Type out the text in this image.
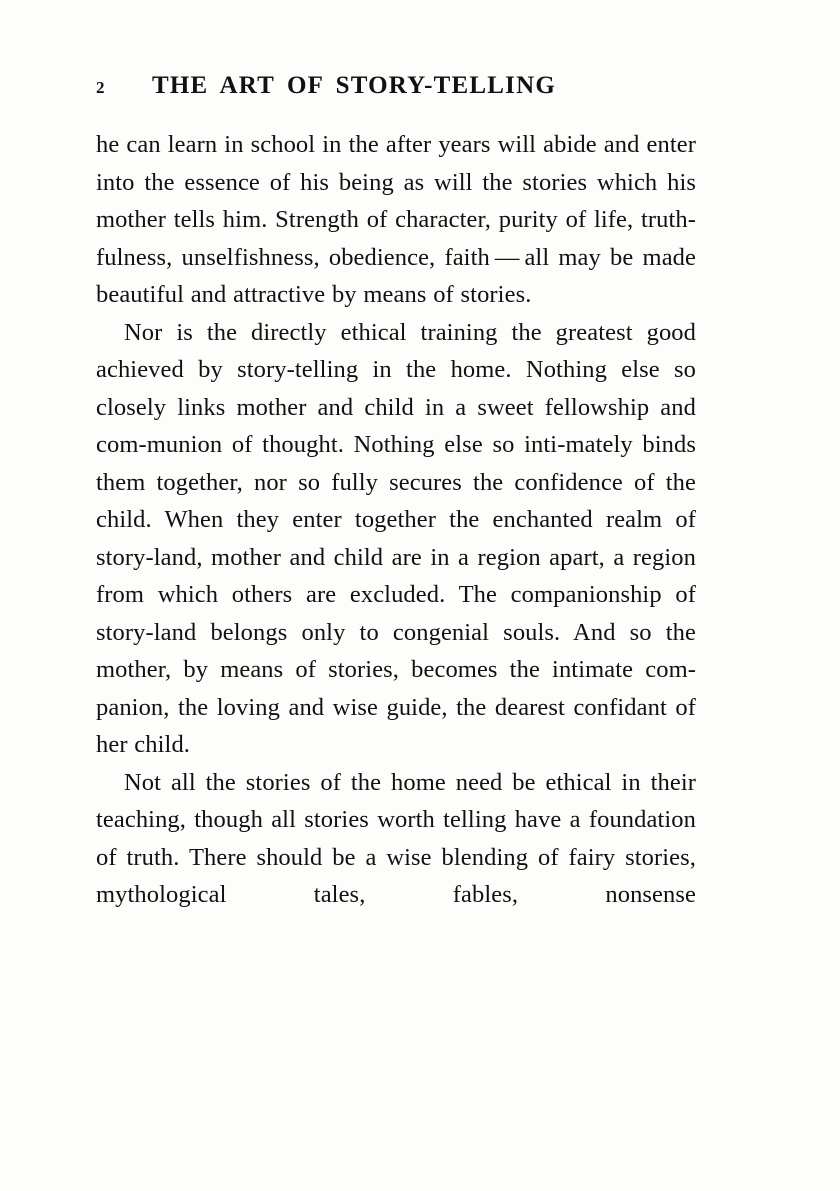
2	THE ART OF STORY-TELLING

he can learn in school in the after years will abide and enter into the essence of his being as will the stories which his mother tells him. Strength of character, purity of life, truth-fulness, unselfishness, obedience, faith — all may be made beautiful and attractive by means of stories.

Nor is the directly ethical training the greatest good achieved by story-telling in the home. Nothing else so closely links mother and child in a sweet fellowship and com-munion of thought. Nothing else so inti-mately binds them together, nor so fully secures the confidence of the child. When they enter together the enchanted realm of story-land, mother and child are in a region apart, a region from which others are excluded. The companionship of story-land belongs only to congenial souls. And so the mother, by means of stories, becomes the intimate com-panion, the loving and wise guide, the dearest confidant of her child.

Not all the stories of the home need be ethical in their teaching, though all stories worth telling have a foundation of truth. There should be a wise blending of fairy stories, mythological tales, fables, nonsense
